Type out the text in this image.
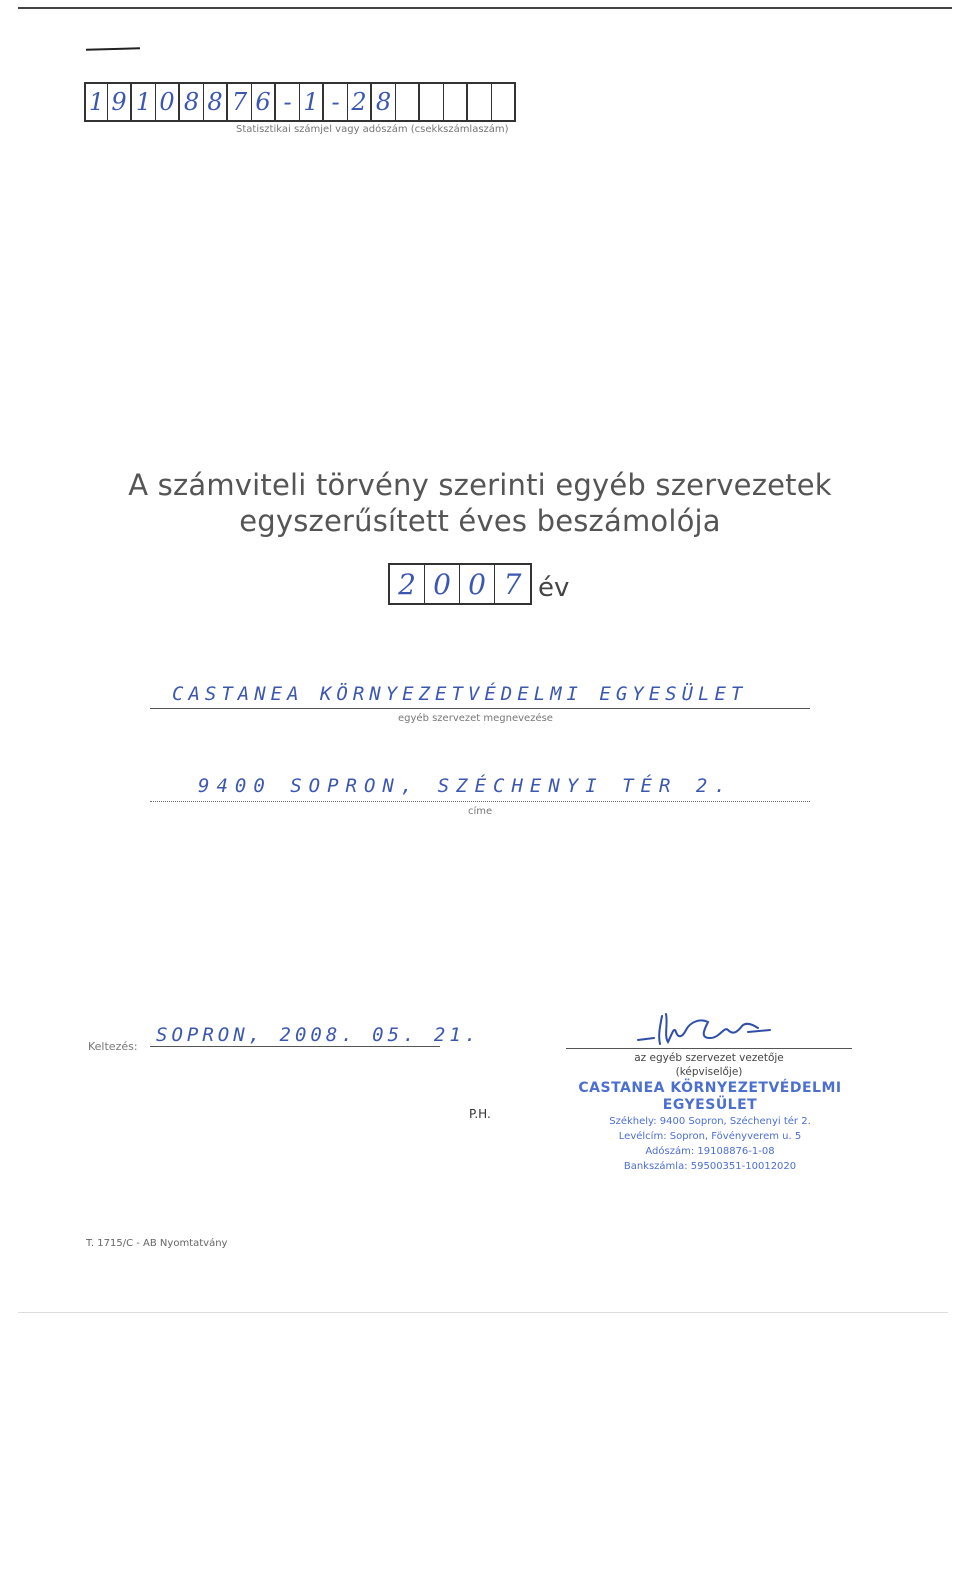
1 9 1 0 8 8 7 6 - 1 - 2 8
Statisztikai számjel vagy adószám (csekkszámlaszám)
A számviteli törvény szerinti egyéb szervezetek
egyszerűsített éves beszámolója
2 0 0 7 év
CASTANEA KÖRNYEZETVÉDELMI EGYESÜLET
egyéb szervezet megnevezése
9400 SOPRON, SZÉCHENYI TÉR 2.
címe
Keltezés:
SOPRON, 2008. 05. 21.
az egyéb szervezet vezetője
(képviselője)
P.H.
CASTANEA KÖRNYEZETVÉDELMI
EGYESÜLET
Székhely: 9400 Sopron, Széchenyi tér 2.
Levélcím: Sopron, Fövényverem u. 5
Adószám: 19108876-1-08
Bankszámla: 59500351-10012020
T. 1715/C - AB Nyomtatvány
